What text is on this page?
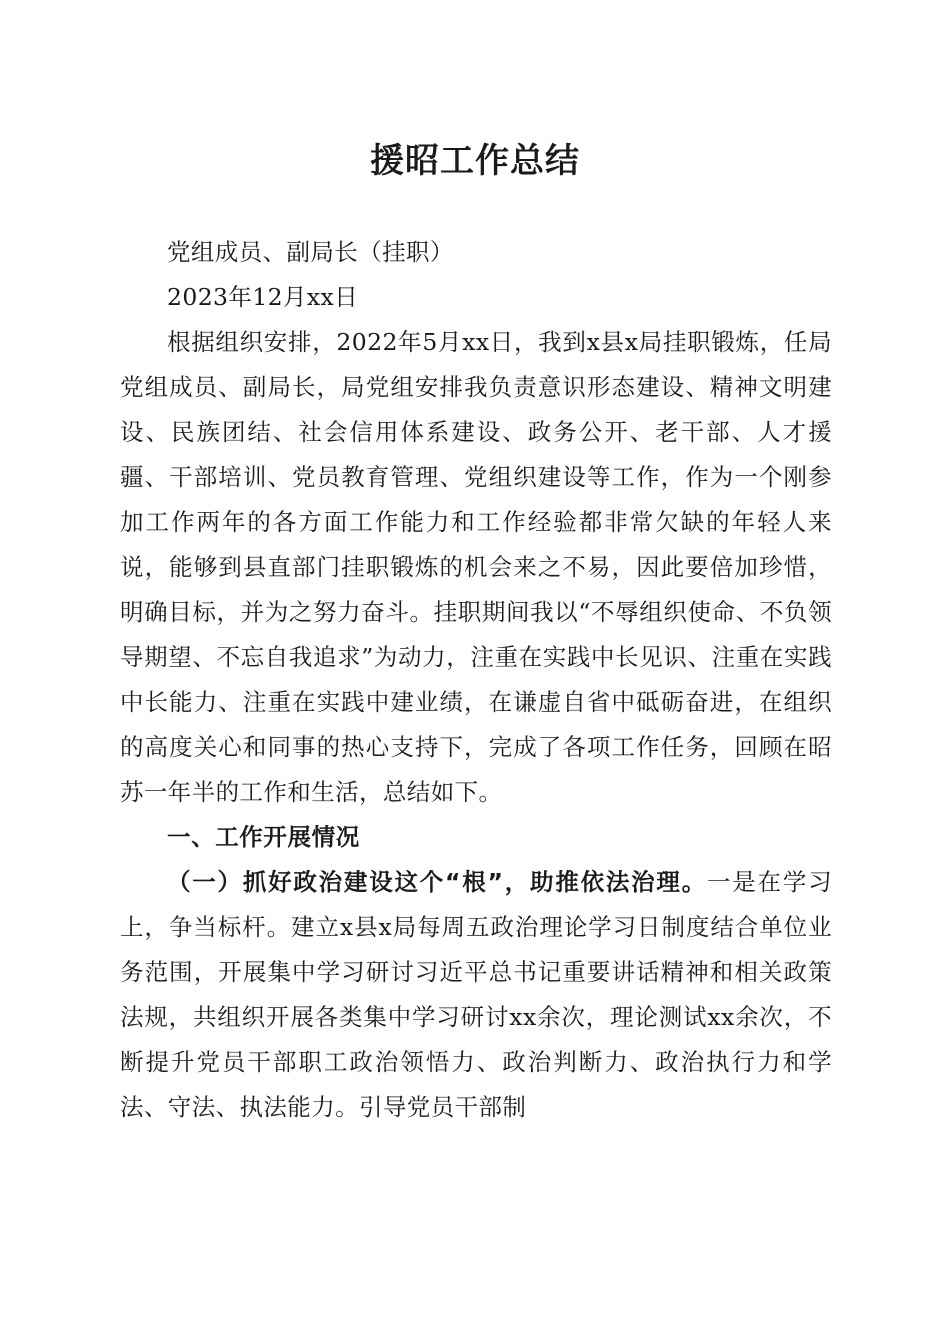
援昭工作总结

党组成员、副局长（挂职）

2023年12月xx日

根据组织安排，2022年5月xx日，我到x县x局挂职锻炼，任局党组成员、副局长，局党组安排我负责意识形态建设、精神文明建设、民族团结、社会信用体系建设、政务公开、老干部、人才援疆、干部培训、党员教育管理、党组织建设等工作，作为一个刚参加工作两年的各方面工作能力和工作经验都非常欠缺的年轻人来说，能够到县直部门挂职锻炼的机会来之不易，因此要倍加珍惜，明确目标，并为之努力奋斗。挂职期间我以“不辱组织使命、不负领导期望、不忘自我追求”为动力，注重在实践中长见识、注重在实践中长能力、注重在实践中建业绩，在谦虚自省中砥砺奋进，在组织的高度关心和同事的热心支持下，完成了各项工作任务，回顾在昭苏一年半的工作和生活，总结如下。

一、工作开展情况

（一）抓好政治建设这个“根”，助推依法治理。一是在学习上，争当标杆。建立x县x局每周五政治理论学习日制度结合单位业务范围，开展集中学习研讨习近平总书记重要讲话精神和相关政策法规，共组织开展各类集中学习研讨xx余次，理论测试xx余次，不断提升党员干部职工政治领悟力、政治判断力、政治执行力和学法、守法、执法能力。引导党员干部制
